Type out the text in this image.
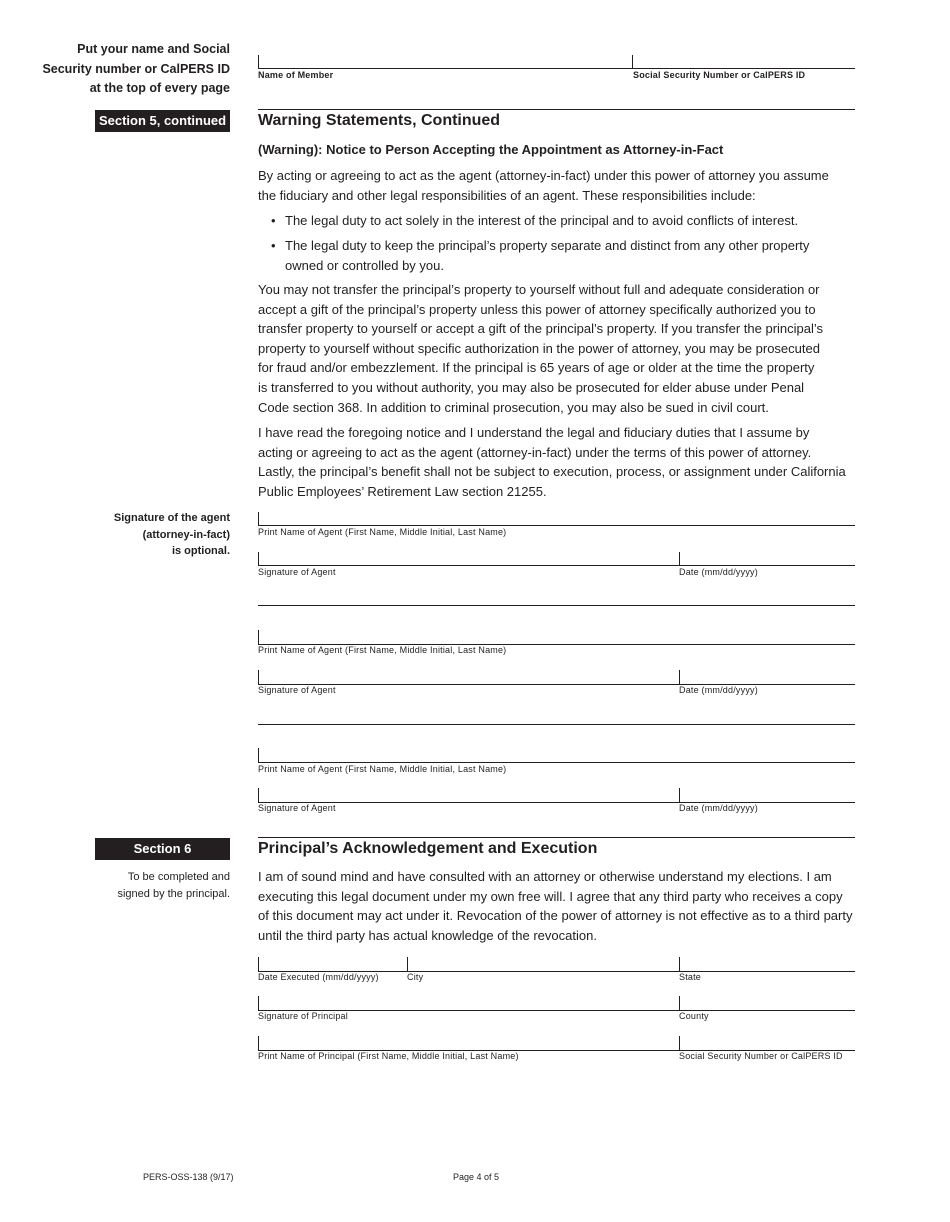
Put your name and Social
Security number or CalPERS ID
at the top of every page
Name of Member	Social Security Number or CalPERS ID
Section 5, continued Warning Statements, Continued
(Warning): Notice to Person Accepting the Appointment as Attorney-in-Fact
By acting or agreeing to act as the agent (attorney-in-fact) under this power of attorney you assume
the fiduciary and other legal responsibilities of an agent. These responsibilities include:
• The legal duty to act solely in the interest of the principal and to avoid conflicts of interest.
• The legal duty to keep the principal’s property separate and distinct from any other property
owned or controlled by you.
You may not transfer the principal’s property to yourself without full and adequate consideration or
accept a gift of the principal’s property unless this power of attorney specifically authorized you to
transfer property to yourself or accept a gift of the principal’s property. If you transfer the principal’s
property to yourself without specific authorization in the power of attorney, you may be prosecuted
for fraud and/or embezzlement. If the principal is 65 years of age or older at the time the property
is transferred to you without authority, you may also be prosecuted for elder abuse under Penal
Code section 368. In addition to criminal prosecution, you may also be sued in civil court.
I have read the foregoing notice and I understand the legal and fiduciary duties that I assume by
acting or agreeing to act as the agent (attorney-in-fact) under the terms of this power of attorney.
Lastly, the principal’s benefit shall not be subject to execution, process, or assignment under California
Public Employees’ Retirement Law section 21255.
Signature of the agent
(attorney-in-fact)
is optional.
Print Name of Agent (First Name, Middle Initial, Last Name)
Signature of Agent	Date (mm/dd/yyyy)
Print Name of Agent (First Name, Middle Initial, Last Name)
Signature of Agent	Date (mm/dd/yyyy)
Print Name of Agent (First Name, Middle Initial, Last Name)
Signature of Agent	Date (mm/dd/yyyy)
Section 6	Principal’s Acknowledgement and Execution
To be completed and
signed by the principal.
I am of sound mind and have consulted with an attorney or otherwise understand my elections. I am
executing this legal document under my own free will. I agree that any third party who receives a copy
of this document may act under it. Revocation of the power of attorney is not effective as to a third party
until the third party has actual knowledge of the revocation.
Date Executed (mm/dd/yyyy)	City	State
Signature of Principal	County
Print Name of Principal (First Name, Middle Initial, Last Name)	Social Security Number or CalPERS ID
PERS-OSS-138 (9/17)	Page 4 of 5
